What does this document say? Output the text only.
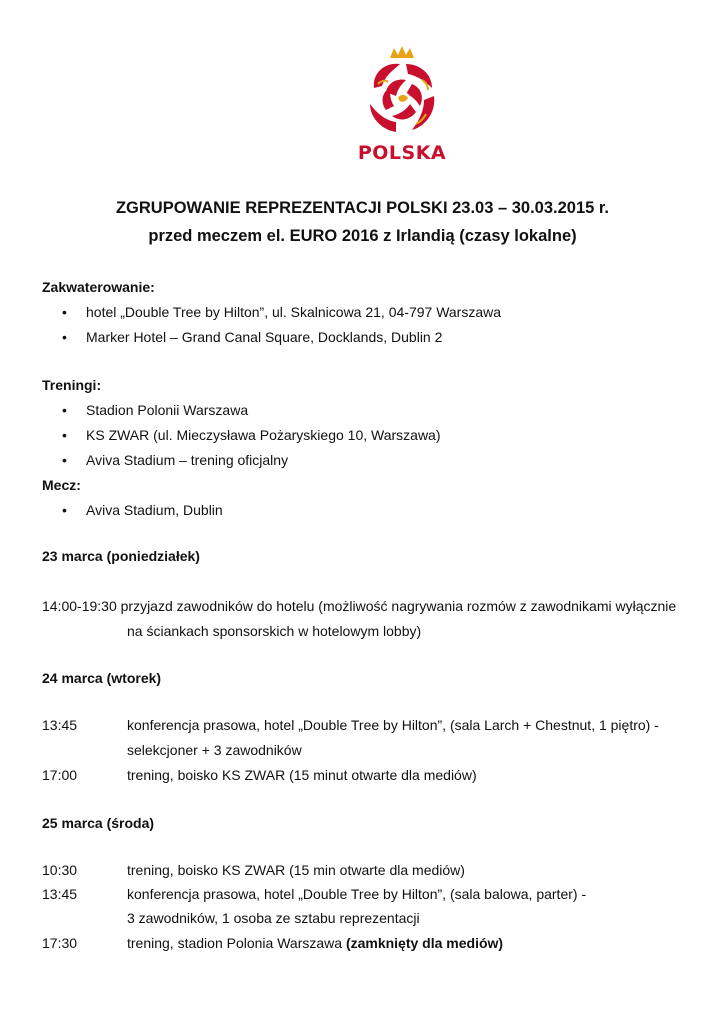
POLSKA
ZGRUPOWANIE REPREZENTACJI POLSKI 23.03 – 30.03.2015 r.
przed meczem el. EURO 2016 z Irlandią (czasy lokalne)
Zakwaterowanie:
• hotel „Double Tree by Hilton”, ul. Skalnicowa 21, 04-797 Warszawa
• Marker Hotel – Grand Canal Square, Docklands, Dublin 2
Treningi:
• Stadion Polonii Warszawa
• KS ZWAR (ul. Mieczysława Pożaryskiego 10, Warszawa)
• Aviva Stadium – trening oficjalny
Mecz:
• Aviva Stadium, Dublin
23 marca (poniedziałek)
14:00-19:30 przyjazd zawodników do hotelu (możliwość nagrywania rozmów z zawodnikami wyłącznie
na ściankach sponsorskich w hotelowym lobby)
24 marca (wtorek)
13:45	konferencja prasowa, hotel „Double Tree by Hilton”, (sala Larch + Chestnut, 1 piętro) -
selekcjoner + 3 zawodników
17:00	trening, boisko KS ZWAR (15 minut otwarte dla mediów)
25 marca (środa)
10:30	trening, boisko KS ZWAR (15 min otwarte dla mediów)
13:45	konferencja prasowa, hotel „Double Tree by Hilton”, (sala balowa, parter) -
3 zawodników, 1 osoba ze sztabu reprezentacji
17:30	trening, stadion Polonia Warszawa (zamknięty dla mediów)
